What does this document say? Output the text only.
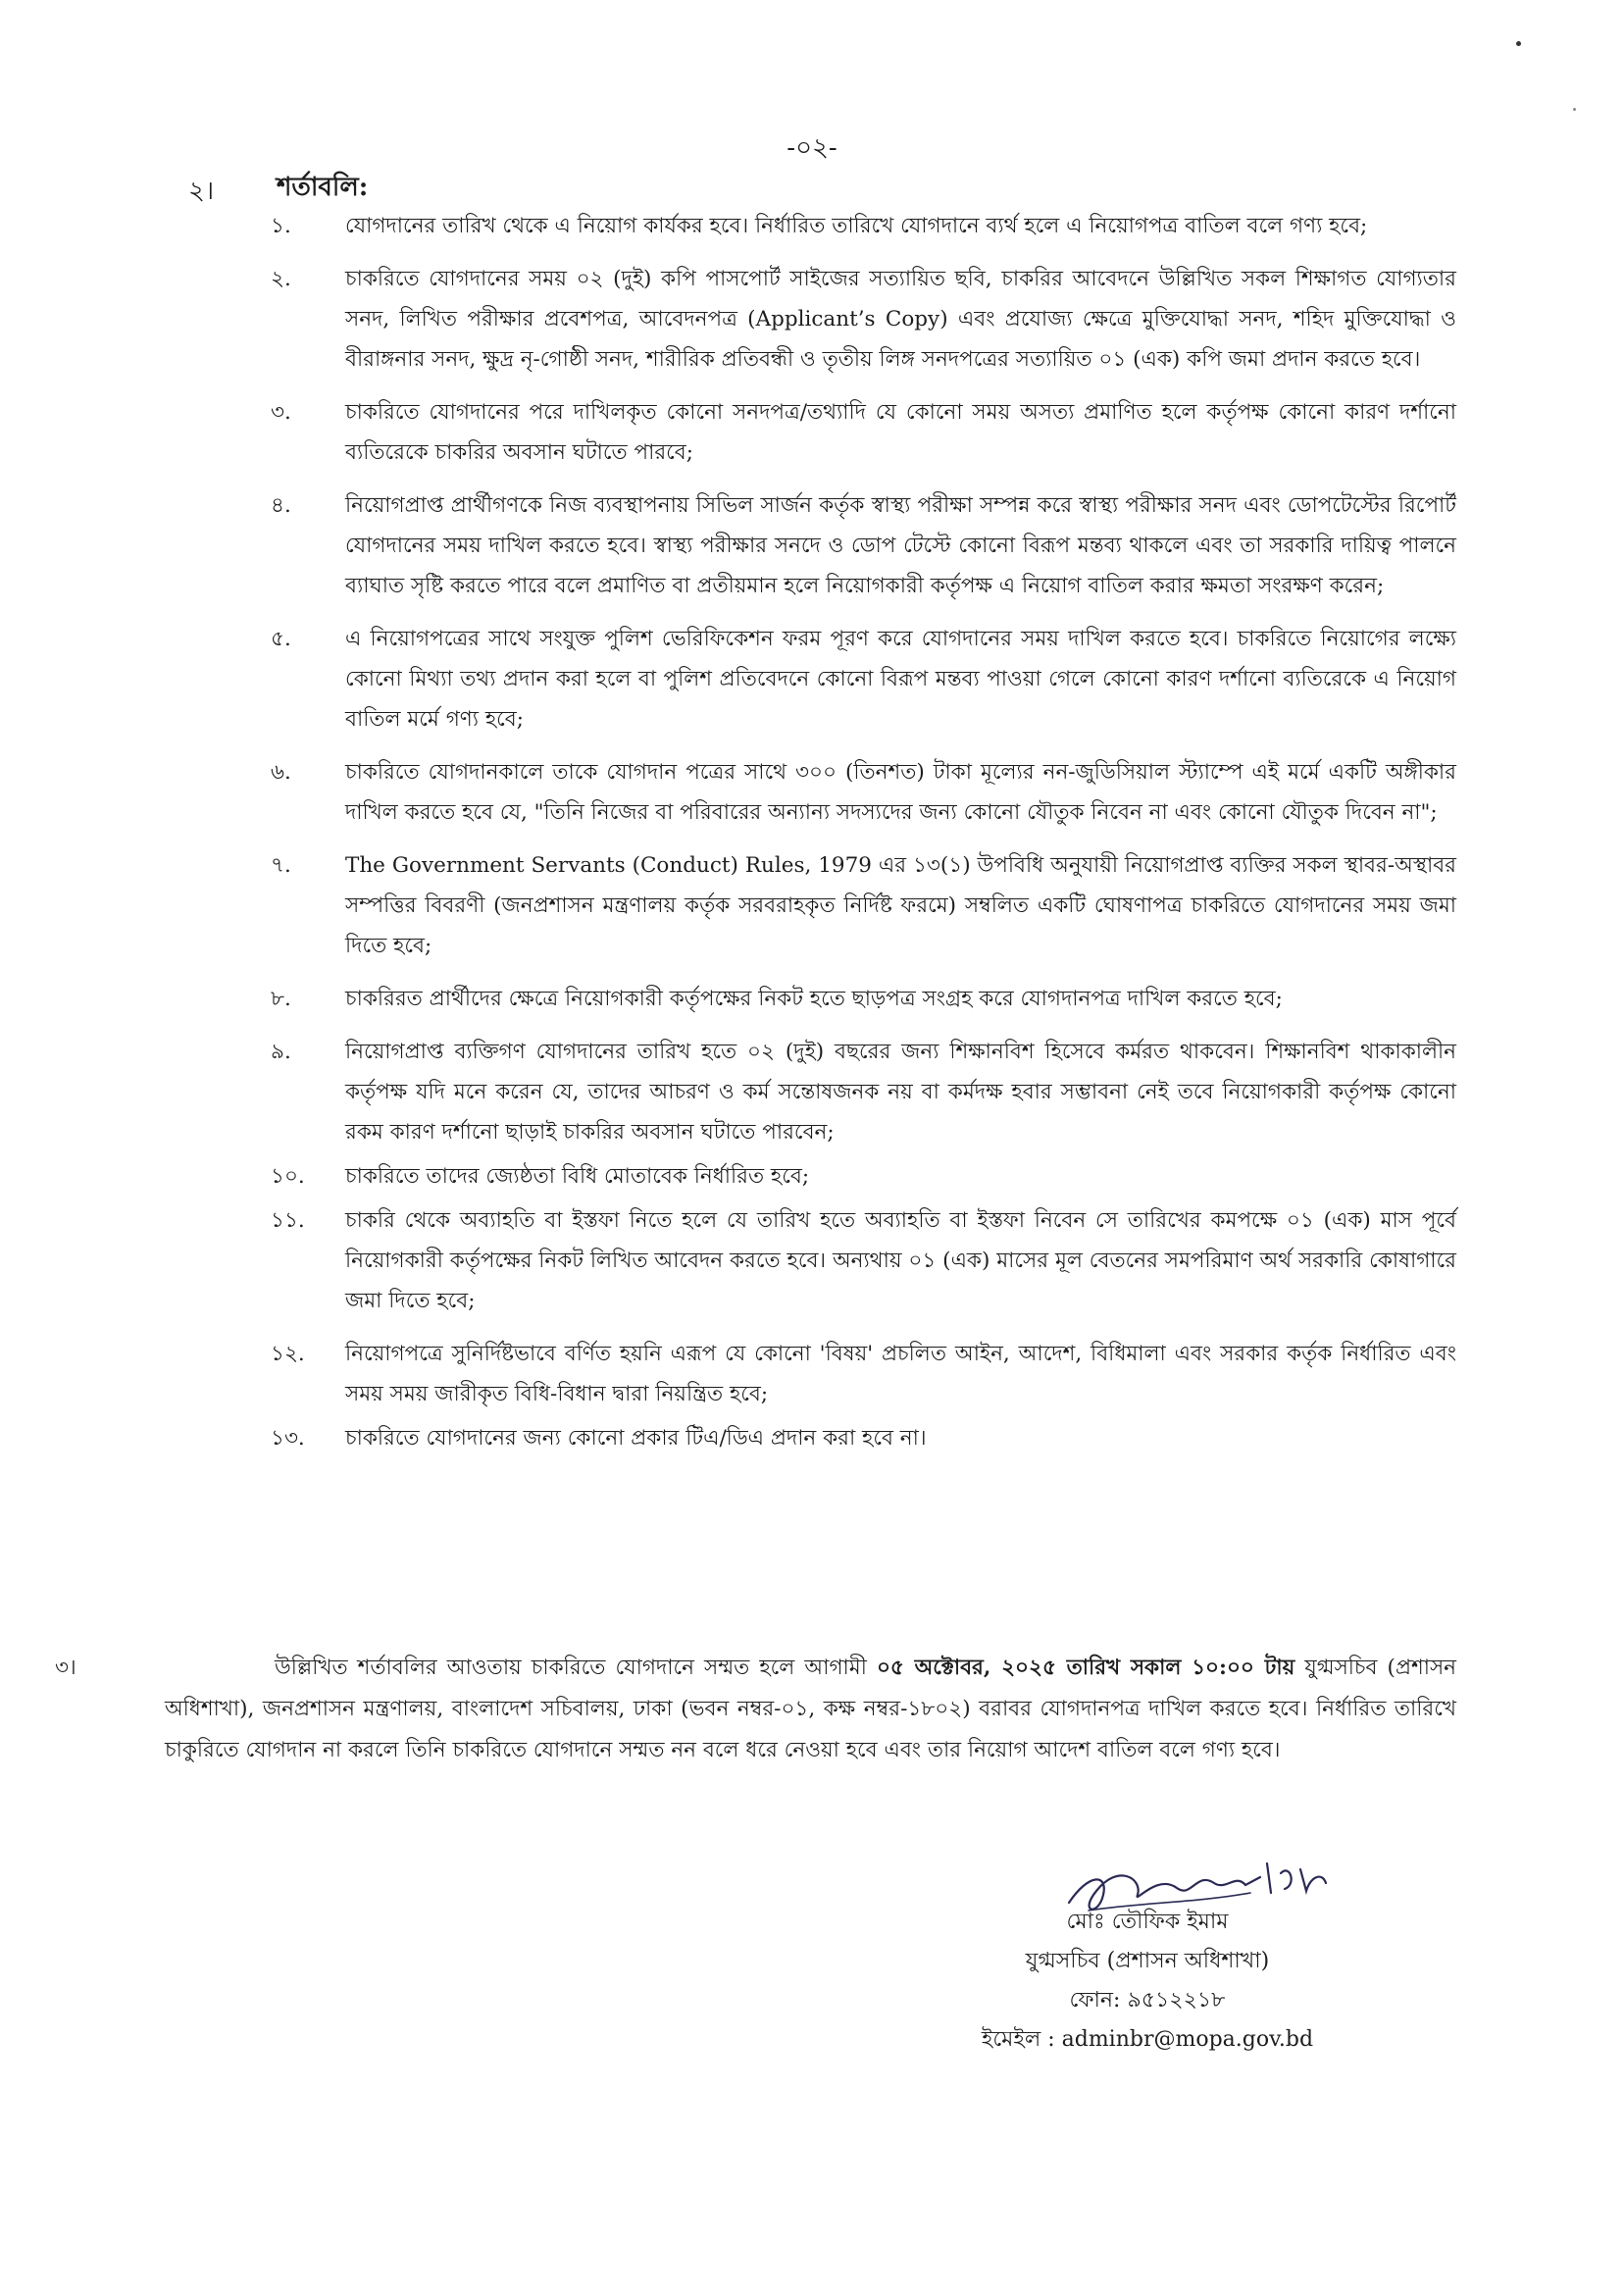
-০২-
২। শর্তাবলি:
১.	যোগদানের তারিখ থেকে এ নিয়োগ কার্যকর হবে। নির্ধারিত তারিখে যোগদানে ব্যর্থ হলে এ নিয়োগপত্র বাতিল বলে গণ্য হবে;
২.	চাকরিতে যোগদানের সময় ০২ (দুই) কপি পাসপোর্ট সাইজের সত্যায়িত ছবি, চাকরির আবেদনে উল্লিখিত সকল শিক্ষাগত যোগ্যতার সনদ, লিখিত পরীক্ষার প্রবেশপত্র, আবেদনপত্র (Applicant’s Copy) এবং প্রযোজ্য ক্ষেত্রে মুক্তিযোদ্ধা সনদ, শহিদ মুক্তিযোদ্ধা ও বীরাঙ্গনার সনদ, ক্ষুদ্র নৃ-গোষ্ঠী সনদ, শারীরিক প্রতিবন্ধী ও তৃতীয় লিঙ্গ সনদপত্রের সত্যায়িত ০১ (এক) কপি জমা প্রদান করতে হবে।
৩.	চাকরিতে যোগদানের পরে দাখিলকৃত কোনো সনদপত্র/তথ্যাদি যে কোনো সময় অসত্য প্রমাণিত হলে কর্তৃপক্ষ কোনো কারণ দর্শানো ব্যতিরেকে চাকরির অবসান ঘটাতে পারবে;
৪.	নিয়োগপ্রাপ্ত প্রার্থীগণকে নিজ ব্যবস্থাপনায় সিভিল সার্জন কর্তৃক স্বাস্থ্য পরীক্ষা সম্পন্ন করে স্বাস্থ্য পরীক্ষার সনদ এবং ডোপটেস্টের রিপোর্ট যোগদানের সময় দাখিল করতে হবে। স্বাস্থ্য পরীক্ষার সনদে ও ডোপ টেস্টে কোনো বিরূপ মন্তব্য থাকলে এবং তা সরকারি দায়িত্ব পালনে ব্যাঘাত সৃষ্টি করতে পারে বলে প্রমাণিত বা প্রতীয়মান হলে নিয়োগকারী কর্তৃপক্ষ এ নিয়োগ বাতিল করার ক্ষমতা সংরক্ষণ করেন;
৫.	এ নিয়োগপত্রের সাথে সংযুক্ত পুলিশ ভেরিফিকেশন ফরম পূরণ করে যোগদানের সময় দাখিল করতে হবে। চাকরিতে নিয়োগের লক্ষ্যে কোনো মিথ্যা তথ্য প্রদান করা হলে বা পুলিশ প্রতিবেদনে কোনো বিরূপ মন্তব্য পাওয়া গেলে কোনো কারণ দর্শানো ব্যতিরেকে এ নিয়োগ বাতিল মর্মে গণ্য হবে;
৬.	চাকরিতে যোগদানকালে তাকে যোগদান পত্রের সাথে ৩০০ (তিনশত) টাকা মূল্যের নন-জুডিসিয়াল স্ট্যাম্পে এই মর্মে একটি অঙ্গীকার দাখিল করতে হবে যে, "তিনি নিজের বা পরিবারের অন্যান্য সদস্যদের জন্য কোনো যৌতুক নিবেন না এবং কোনো যৌতুক দিবেন না";
৭.	The Government Servants (Conduct) Rules, 1979 এর ১৩(১) উপবিধি অনুযায়ী নিয়োগপ্রাপ্ত ব্যক্তির সকল স্থাবর-অস্থাবর সম্পত্তির বিবরণী (জনপ্রশাসন মন্ত্রণালয় কর্তৃক সরবরাহকৃত নির্দিষ্ট ফরমে) সম্বলিত একটি ঘোষণাপত্র চাকরিতে যোগদানের সময় জমা দিতে হবে;
৮.	চাকরিরত প্রার্থীদের ক্ষেত্রে নিয়োগকারী কর্তৃপক্ষের নিকট হতে ছাড়পত্র সংগ্রহ করে যোগদানপত্র দাখিল করতে হবে;
৯.	নিয়োগপ্রাপ্ত ব্যক্তিগণ যোগদানের তারিখ হতে ০২ (দুই) বছরের জন্য শিক্ষানবিশ হিসেবে কর্মরত থাকবেন। শিক্ষানবিশ থাকাকালীন কর্তৃপক্ষ যদি মনে করেন যে, তাদের আচরণ ও কর্ম সন্তোষজনক নয় বা কর্মদক্ষ হবার সম্ভাবনা নেই তবে নিয়োগকারী কর্তৃপক্ষ কোনো রকম কারণ দর্শানো ছাড়াই চাকরির অবসান ঘটাতে পারবেন;
১০. চাকরিতে তাদের জ্যেষ্ঠতা বিধি মোতাবেক নির্ধারিত হবে;
১১. চাকরি থেকে অব্যাহতি বা ইস্তফা নিতে হলে যে তারিখ হতে অব্যাহতি বা ইস্তফা নিবেন সে তারিখের কমপক্ষে ০১ (এক) মাস পূর্বে নিয়োগকারী কর্তৃপক্ষের নিকট লিখিত আবেদন করতে হবে। অন্যথায় ০১ (এক) মাসের মূল বেতনের সমপরিমাণ অর্থ সরকারি কোষাগারে জমা দিতে হবে;
১২. নিয়োগপত্রে সুনির্দিষ্টভাবে বর্ণিত হয়নি এরূপ যে কোনো 'বিষয়' প্রচলিত আইন, আদেশ, বিধিমালা এবং সরকার কর্তৃক নির্ধারিত এবং সময় সময় জারীকৃত বিধি-বিধান দ্বারা নিয়ন্ত্রিত হবে;
১৩. চাকরিতে যোগদানের জন্য কোনো প্রকার টিএ/ডিএ প্রদান করা হবে না।
৩।	উল্লিখিত শর্তাবলির আওতায় চাকরিতে যোগদানে সম্মত হলে আগামী ০৫ অক্টোবর, ২০২৫ তারিখ সকাল ১০:০০ টায় যুগ্মসচিব (প্রশাসন অধিশাখা), জনপ্রশাসন মন্ত্রণালয়, বাংলাদেশ সচিবালয়, ঢাকা (ভবন নম্বর-০১, কক্ষ নম্বর-১৮০২) বরাবর যোগদানপত্র দাখিল করতে হবে। নির্ধারিত তারিখে চাকুরিতে যোগদান না করলে তিনি চাকরিতে যোগদানে সম্মত নন বলে ধরে নেওয়া হবে এবং তার নিয়োগ আদেশ বাতিল বলে গণ্য হবে।
মোঃ তৌফিক ইমাম
যুগ্মসচিব (প্রশাসন অধিশাখা)
ফোন: ৯৫১২২১৮
ইমেইল : adminbr@mopa.gov.bd
